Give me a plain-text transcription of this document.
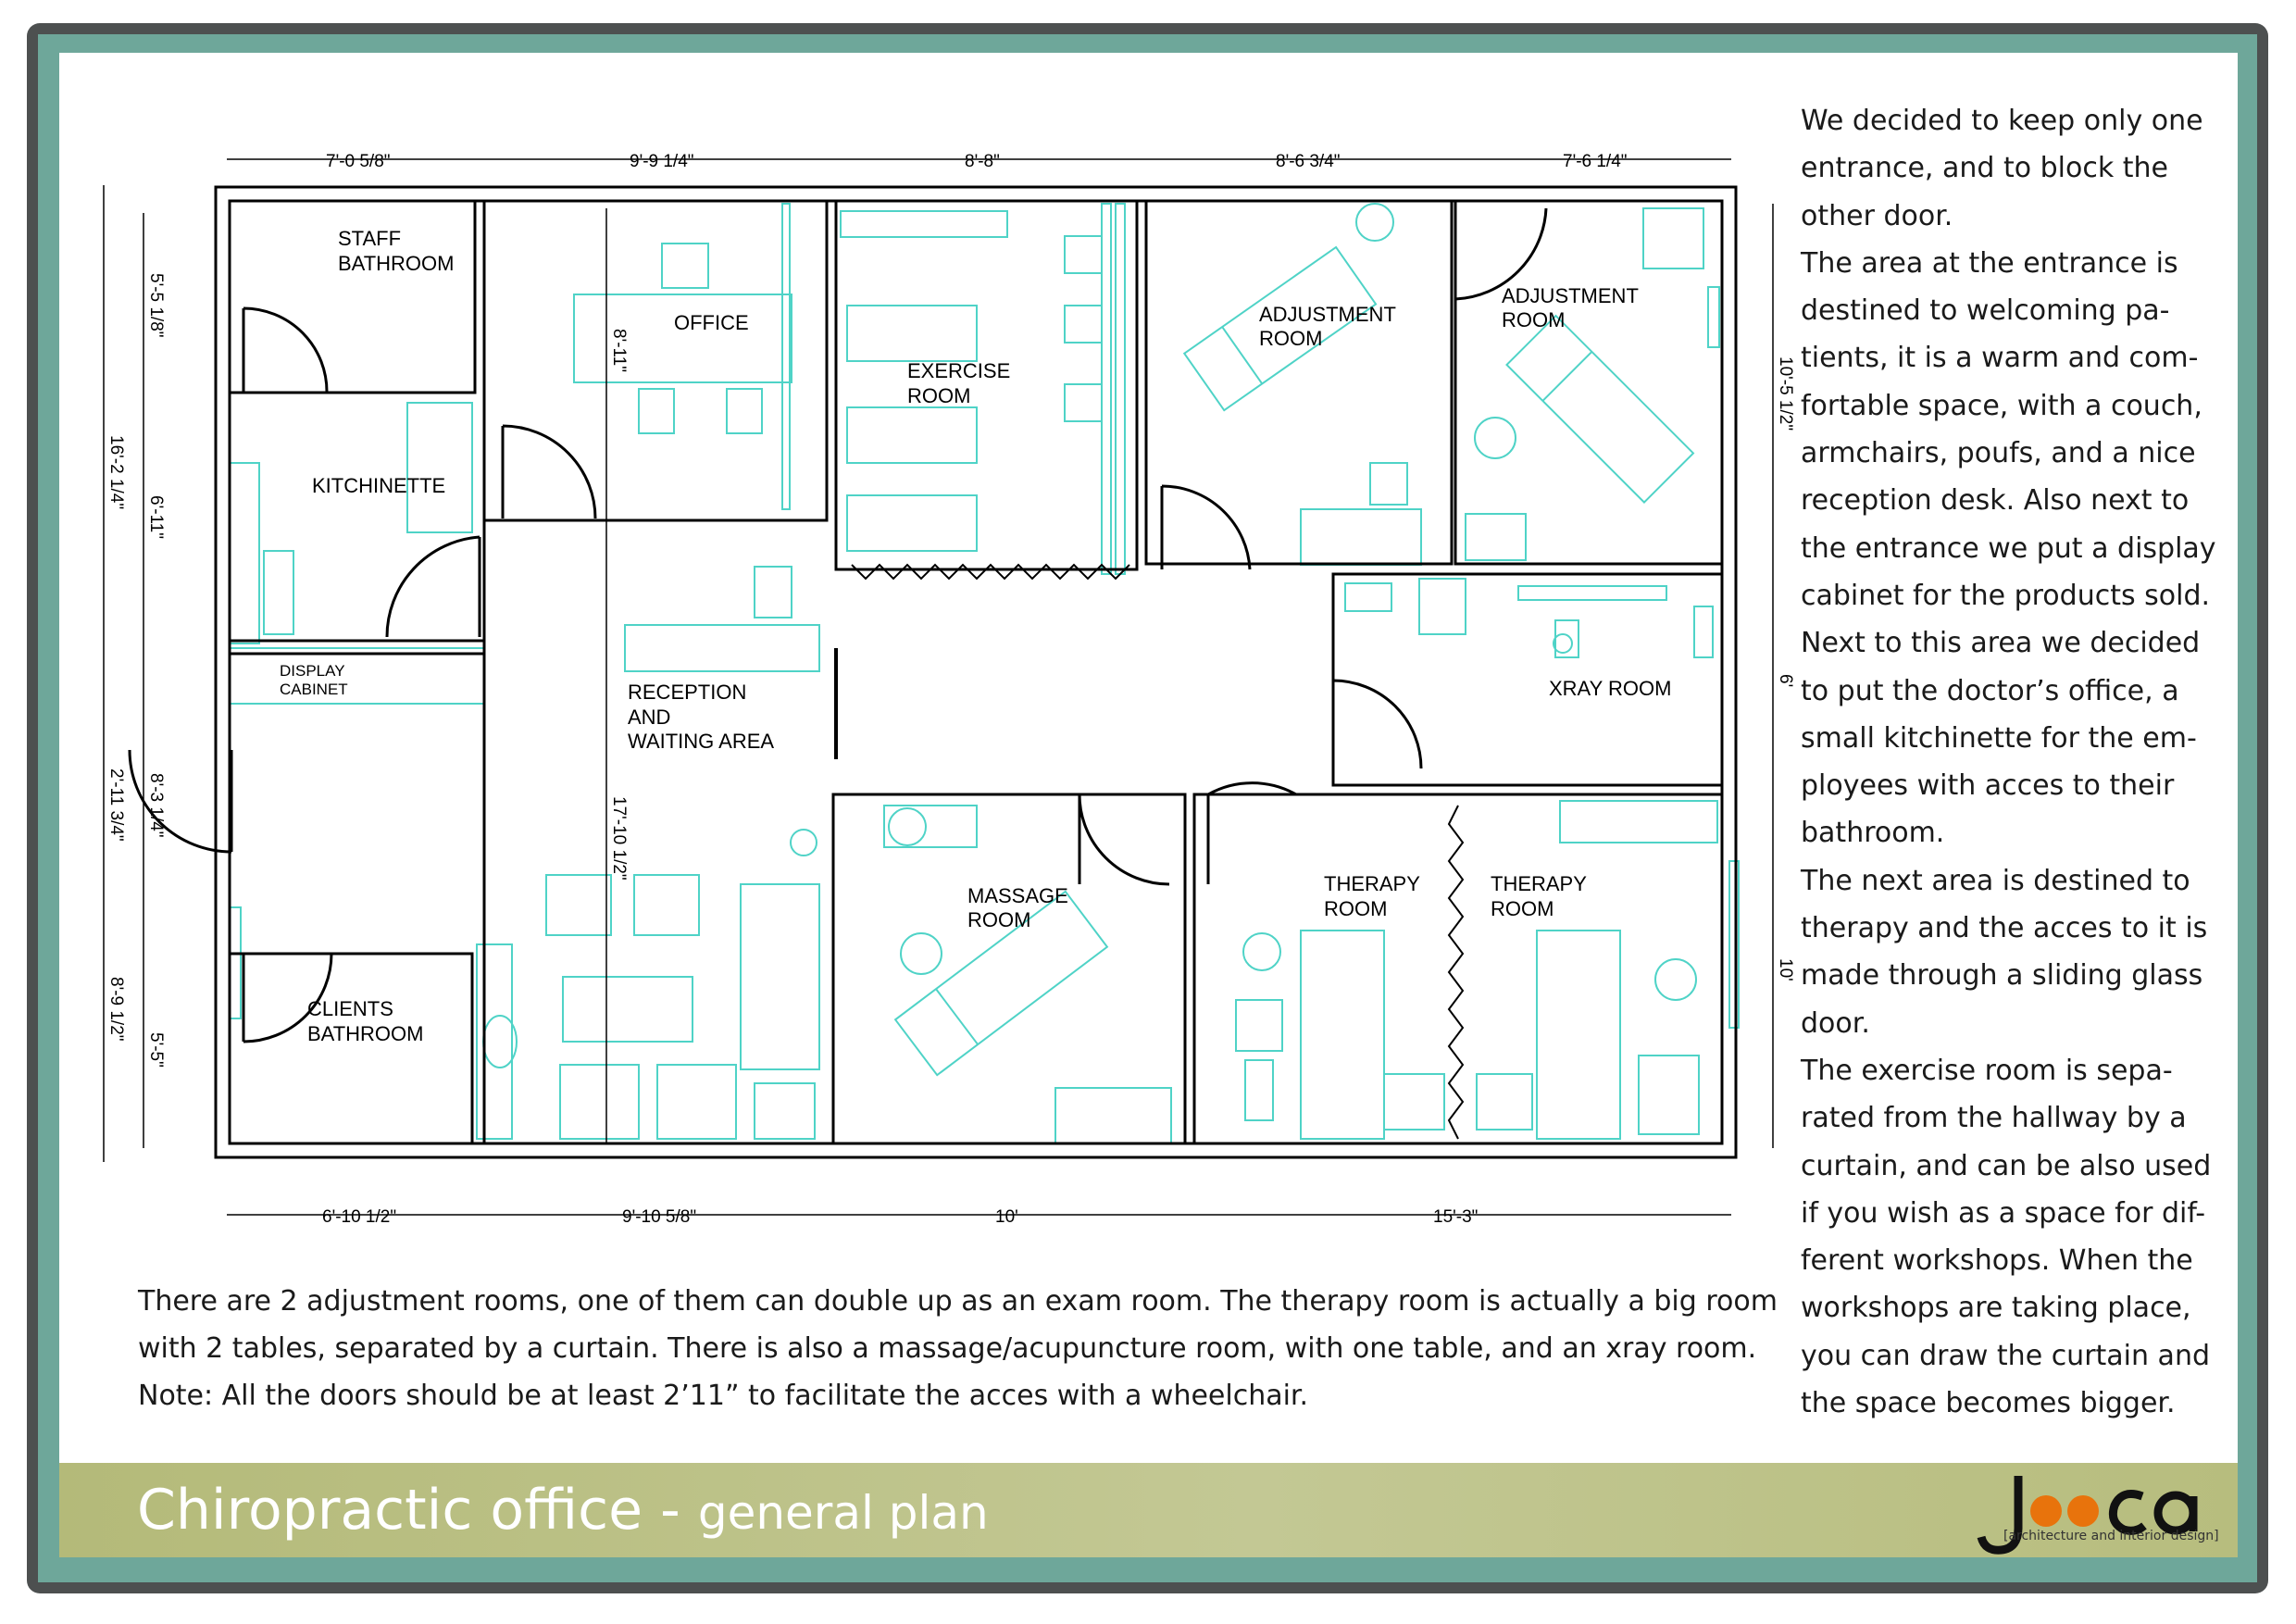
7'-0 5/8"	9'-9 1/4"	8'-8"	8'-6 3/4"	7'-6 1/4"
6'-10 1/2"	9'-10 5/8"	10'	15'-3"
16'-2 1/4"
2'-11 3/4"
8'-9 1/2"
5'-5 1/8"
6'-11"
8'-3 1/4"
5'-5"
8'-11"
17'-10 1/2"
10'-5 1/2"
6'
10'
STAFF
BATHROOM
OFFICE
EXERCISE
ROOM
ADJUSTMENT
ROOM
ADJUSTMENT
ROOM
KITCHINETTE
DISPLAY
CABINET	RECEPTION
AND
WAITING AREA
XRAY ROOM
MASSAGE
ROOM
THERAPY
ROOM
THERAPY
ROOM
CLIENTS
BATHROOM

We decided to keep only one entrance, and to block the other door.

The area at the entrance is destined to welcoming pa-tients, it is a warm and com-fortable space, with a couch, armchairs, poufs, and a nice reception desk. Also next to the entrance we put a display cabinet for the products sold.

Next to this area we decided to put the doctor’s office, a small kitchinette for the em-ployees with acces to their bathroom.

The next area is destined to therapy and the acces to it is made through a sliding glass door.

The exercise room is sepa-rated from the hallway by a curtain, and can be also used if you wish as a space for dif-ferent workshops. When the workshops are taking place, you can draw the curtain and the space becomes bigger.

There are 2 adjustment rooms, one of them can double up as an exam room. The therapy room is actually a big room

with 2 tables, separated by a curtain. There is also a massage/acupuncture room, with one table, and an xray room.

Note: All the doors should be at least 2’11” to facilitate the acces with a wheelchair.

Chiropractic office - general plan	[architecture and interior design]
